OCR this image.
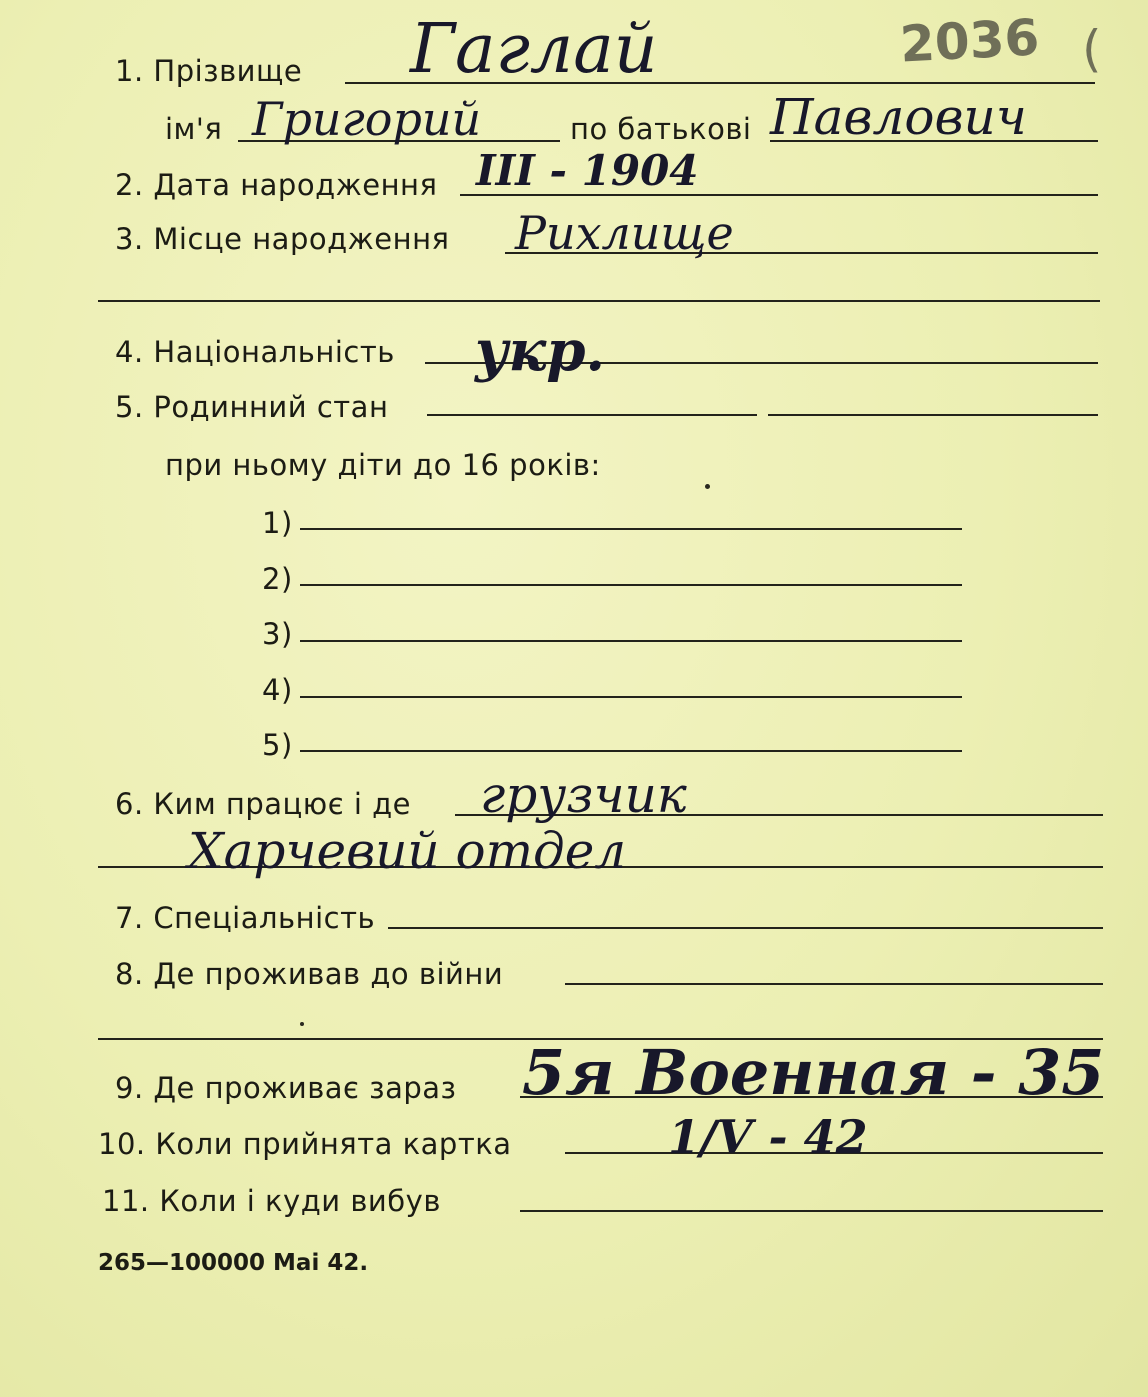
2036 (
1. Прізвище Гаглай
ім'я Григорий	по батькові Павлович
2. Дата народження III - 1904
3. Місце народження Рихлище
4. Національність укр.
5. Родинний стан
при ньому діти до 16 років:
1)
2)
3)
4)
5)
6. Ким працює і де грузчик
Харчевий отдел
7. Спеціальність
8. Де проживав до війни
9. Де проживає зараз 5я Военная - 35
10. Коли прийнята картка	1/V - 42
11. Коли і куди вибув
265—100000 Mai 42.
